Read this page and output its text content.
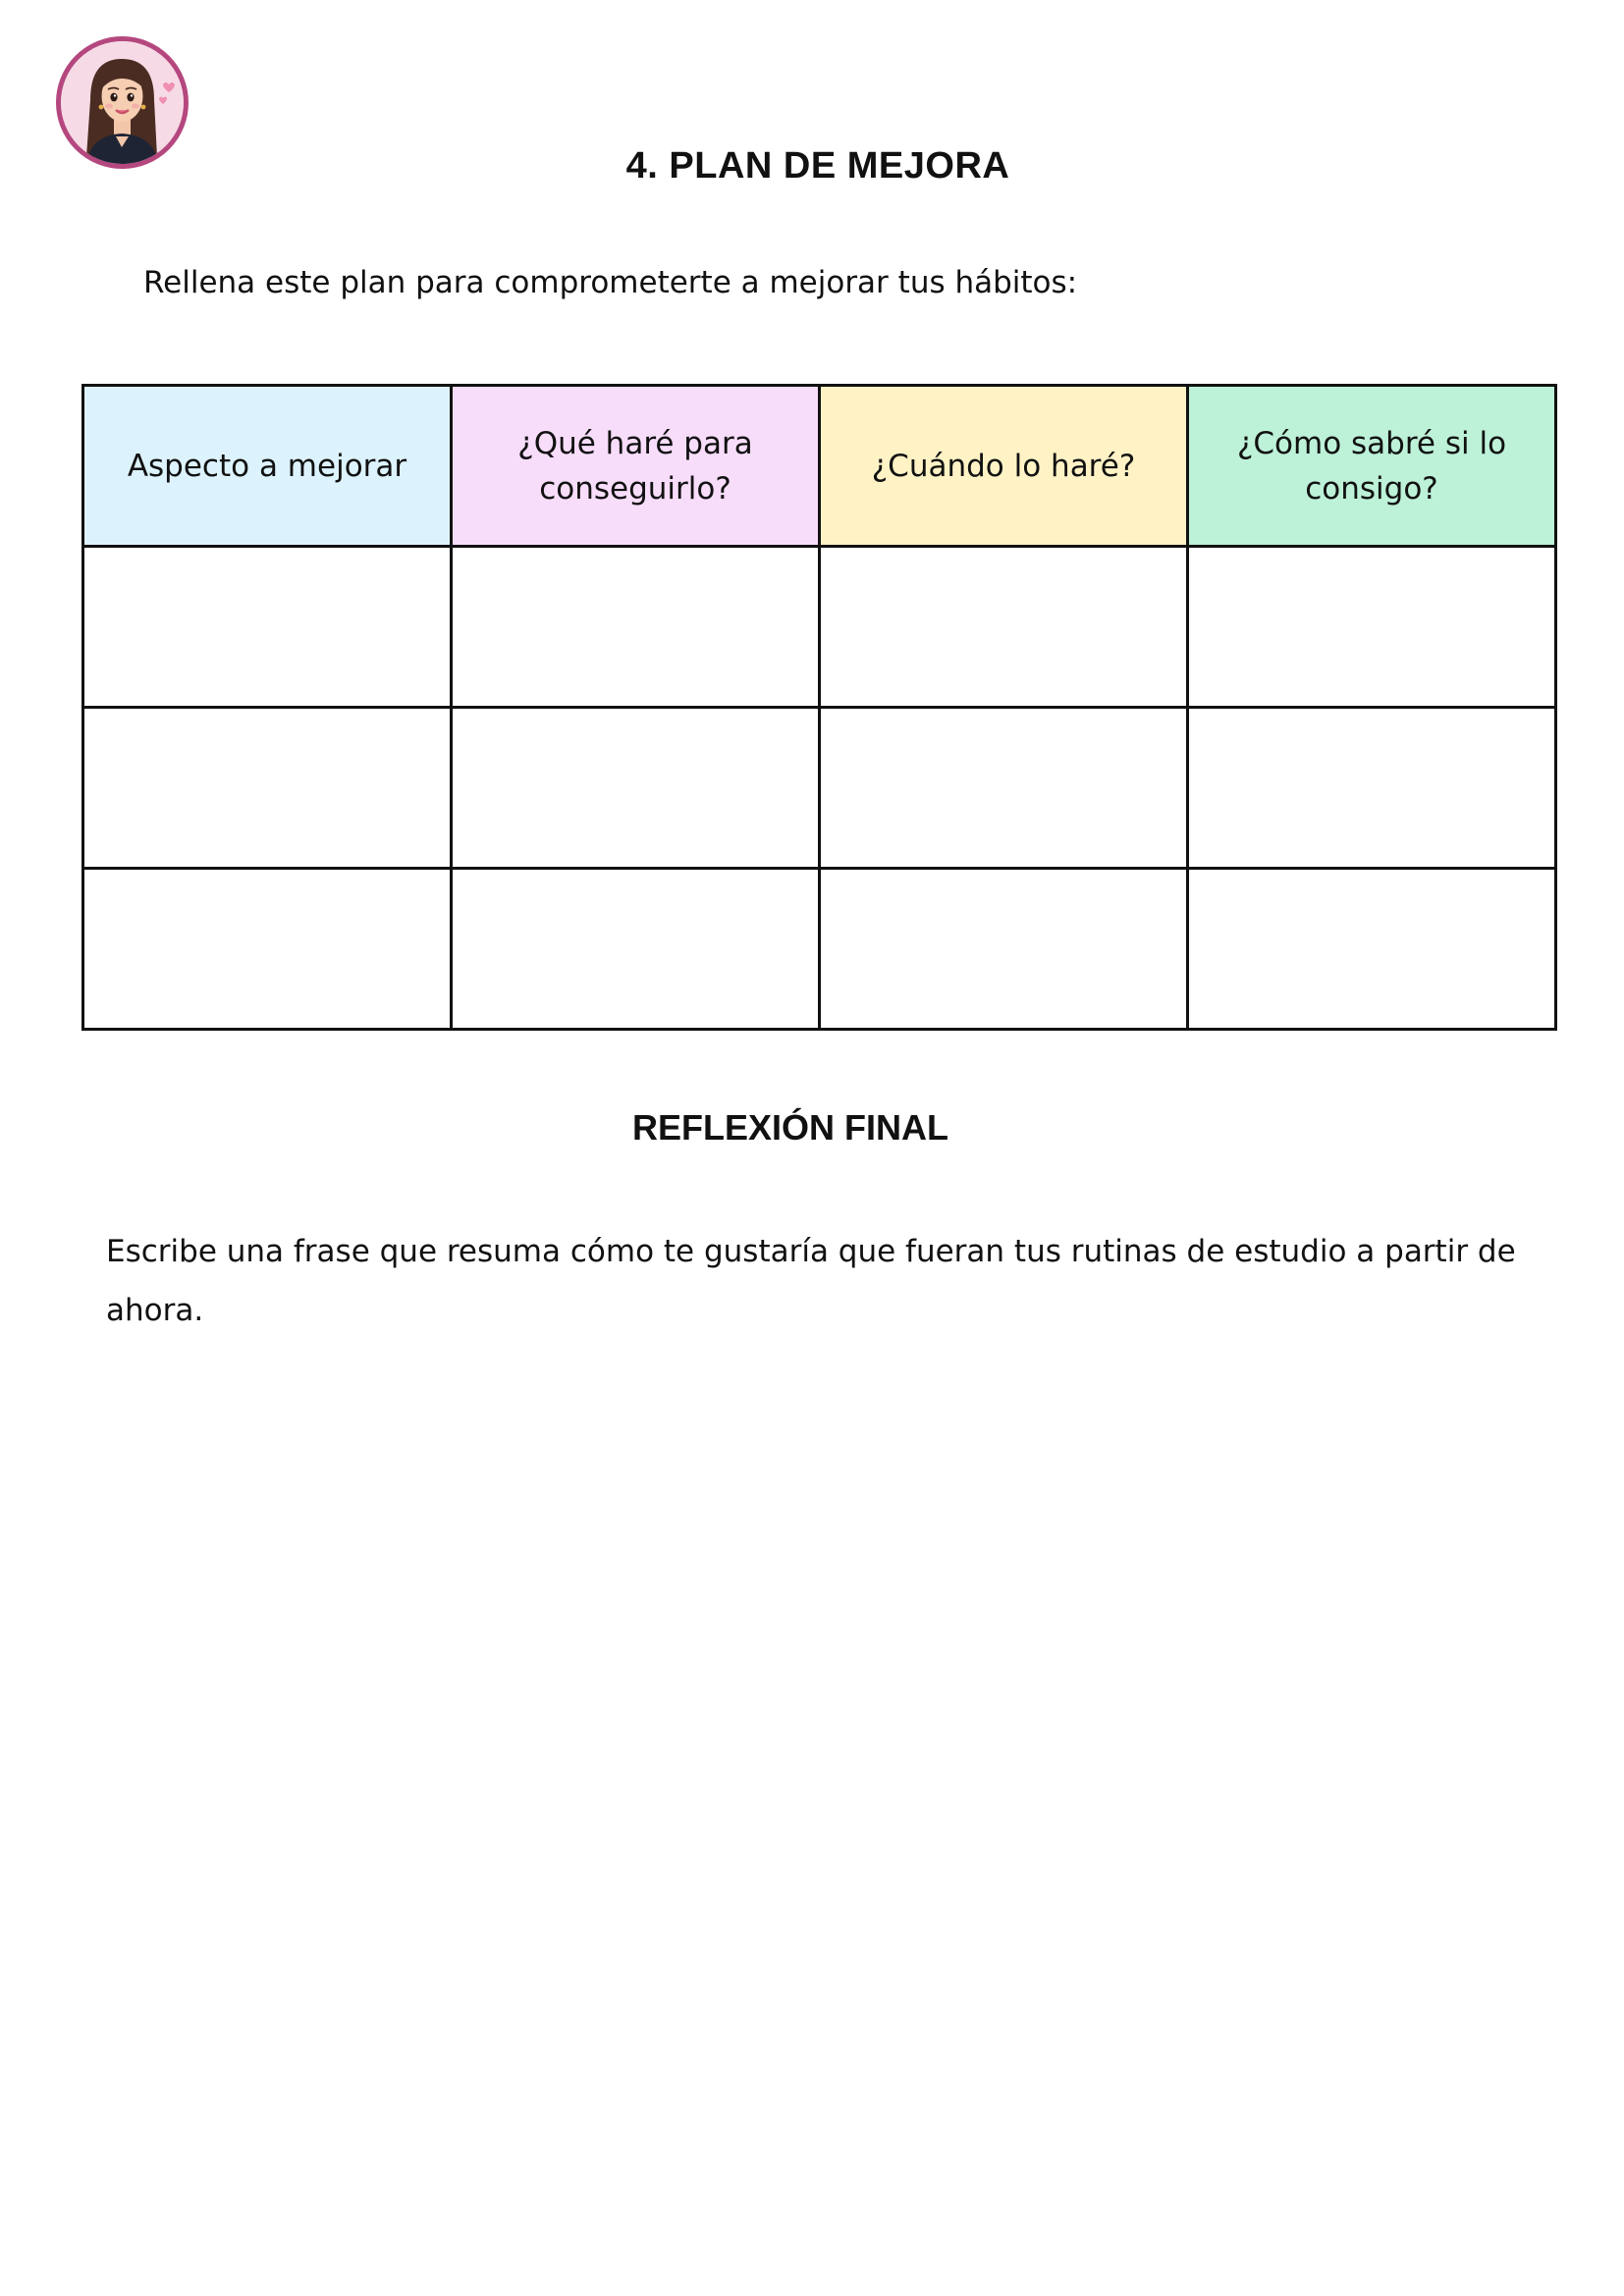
4. PLAN DE MEJORA

Rellena este plan para comprometerte a mejorar tus hábitos:

Aspecto a mejorar	¿Qué haré para conseguirlo?	¿Cuándo lo haré?	¿Cómo sabré si lo consigo?

REFLEXIÓN FINAL

Escribe una frase que resuma cómo te gustaría que fueran tus rutinas de estudio a partir de ahora.
